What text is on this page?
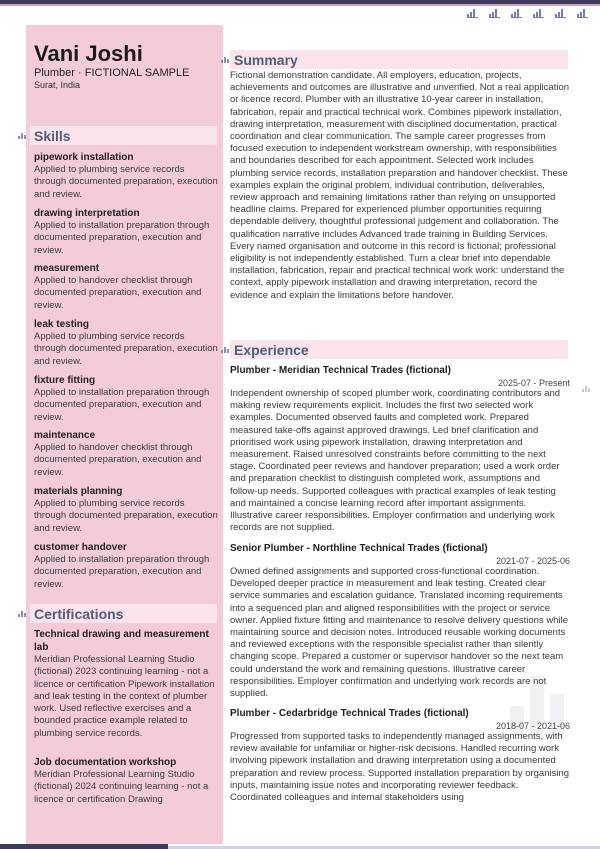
Vani Joshi
Plumber · FICTIONAL SAMPLE
Surat, India
Skills
pipework installation
Applied to plumbing service records through documented preparation, execution and review.
drawing interpretation
Applied to installation preparation through documented preparation, execution and review.
measurement
Applied to handover checklist through documented preparation, execution and review.
leak testing
Applied to plumbing service records through documented preparation, execution and review.
fixture fitting
Applied to installation preparation through documented preparation, execution and review.
maintenance
Applied to handover checklist through documented preparation, execution and review.
materials planning
Applied to plumbing service records through documented preparation, execution and review.
customer handover
Applied to installation preparation through documented preparation, execution and review.
Certifications
Technical drawing and measurement lab
Meridian Professional Learning Studio (fictional) 2023 continuing learning - not a licence or certification Pipework installation and leak testing in the context of plumber work. Used reflective exercises and a bounded practice example related to plumbing service records.
Job documentation workshop
Meridian Professional Learning Studio (fictional) 2024 continuing learning - not a licence or certification Drawing
Summary
Fictional demonstration candidate. All employers, education, projects, achievements and outcomes are illustrative and unverified. Not a real application or licence record. Plumber with an illustrative 10-year career in installation, fabrication, repair and practical technical work. Combines pipework installation, drawing interpretation, measurement with disciplined documentation, practical coordination and clear communication. The sample career progresses from focused execution to independent workstream ownership, with responsibilities and boundaries described for each appointment. Selected work includes plumbing service records, installation preparation and handover checklist. These examples explain the original problem, individual contribution, deliverables, review approach and remaining limitations rather than relying on unsupported headline claims. Prepared for experienced plumber opportunities requiring dependable delivery, thoughtful professional judgement and collaboration. The qualification narrative includes Advanced trade training in Building Services. Every named organisation and outcome in this record is fictional; professional eligibility is not independently established. Turn a clear brief into dependable installation, fabrication, repair and practical technical work work: understand the context, apply pipework installation and drawing interpretation, record the evidence and explain the limitations before handover.
Experience
Plumber - Meridian Technical Trades (fictional)
2025-07 - Present
Independent ownership of scoped plumber work, coordinating contributors and making review requirements explicit. Includes the first two selected work examples. Documented observed faults and completed work. Prepared measured take-offs against approved drawings. Led brief clarification and prioritised work using pipework installation, drawing interpretation and measurement. Raised unresolved constraints before committing to the next stage. Coordinated peer reviews and handover preparation; used a work order and preparation checklist to distinguish completed work, assumptions and follow-up needs. Supported colleagues with practical examples of leak testing and maintained a concise learning record after important assignments. Illustrative career responsibilities. Employer confirmation and underlying work records are not supplied.
Senior Plumber - Northline Technical Trades (fictional)
2021-07 - 2025-06
Owned defined assignments and supported cross-functional coordination. Developed deeper practice in measurement and leak testing. Created clear service summaries and escalation guidance. Translated incoming requirements into a sequenced plan and aligned responsibilities with the project or service owner. Applied fixture fitting and maintenance to resolve delivery questions while maintaining source and decision notes. Introduced reusable working documents and reviewed exceptions with the responsible specialist rather than silently changing scope. Prepared a customer or supervisor handover so the next team could understand the work and remaining questions. Illustrative career responsibilities. Employer confirmation and underlying work records are not supplied.
Plumber - Cedarbridge Technical Trades (fictional)
2018-07 - 2021-06
Progressed from supported tasks to independently managed assignments, with review available for unfamiliar or higher-risk decisions. Handled recurring work involving pipework installation and drawing interpretation using a documented preparation and review process. Supported installation preparation by organising inputs, maintaining issue notes and incorporating reviewer feedback. Coordinated colleagues and internal stakeholders using
